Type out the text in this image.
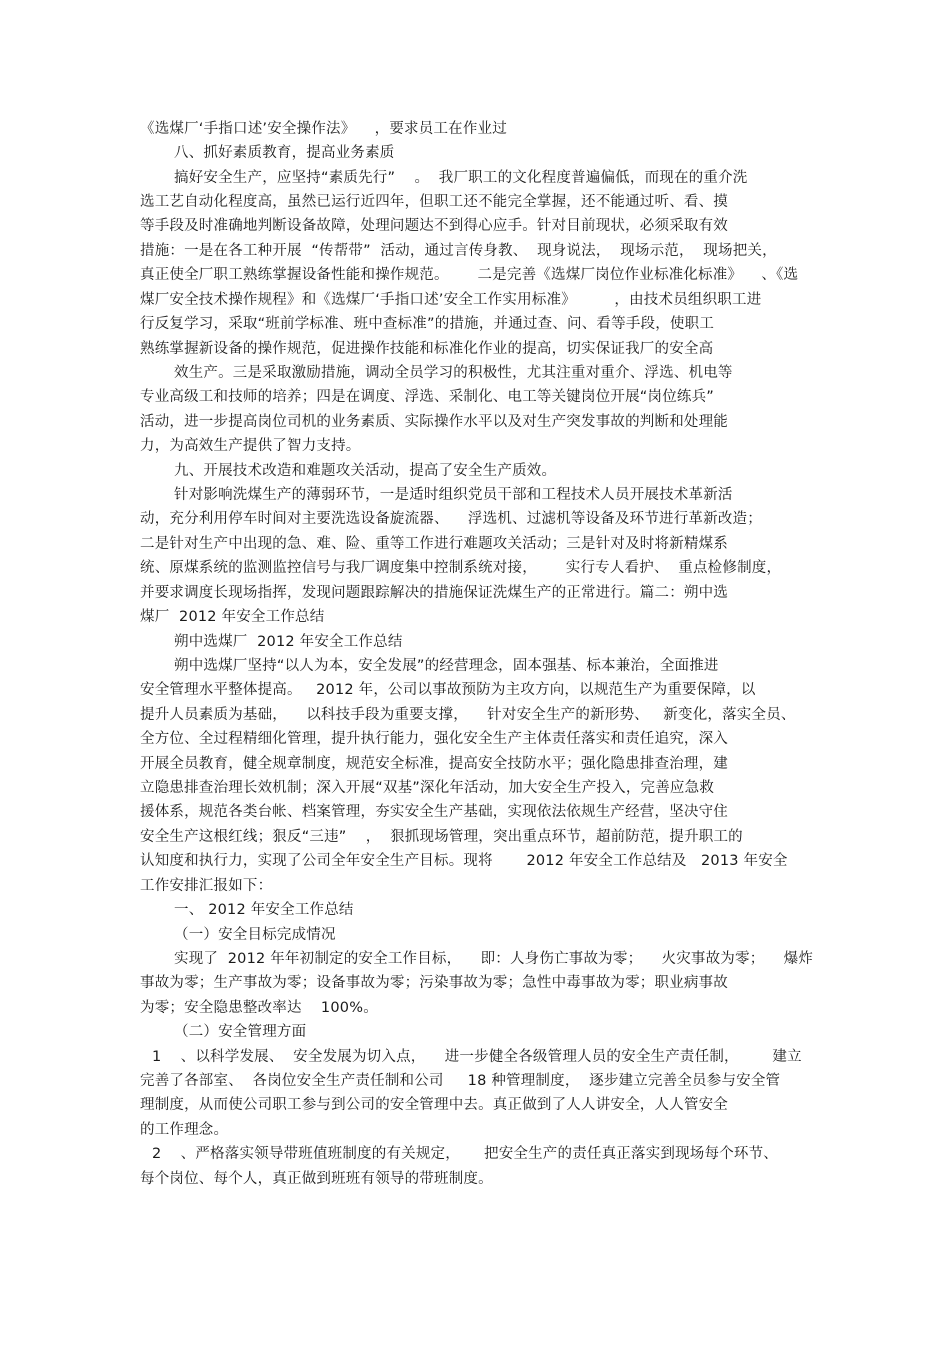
《选煤厂‘手指口述’安全操作法》    ，要求员工在作业过
八、抓好素质教育，提高业务素质
搞好安全生产，应坚持“素质先行”    。  我厂职工的文化程度普遍偏低，而现在的重介洗
选工艺自动化程度高，虽然已运行近四年，但职工还不能完全掌握，还不能通过听、看、摸
等手段及时准确地判断设备故障，处理问题达不到得心应手。针对目前现状，必须采取有效
措施：一是在各工种开展  “传帮带”  活动，通过言传身教、  现身说法，  现场示范，  现场把关，
真正使全厂职工熟练掌握设备性能和操作规范。      二是完善《选煤厂岗位作业标准化标准》    、《选
煤厂安全技术操作规程》和《选煤厂‘手指口述’安全工作实用标准》        ，由技术员组织职工进
行反复学习，采取“班前学标准、班中查标准”的措施，并通过查、问、看等手段，使职工
熟练掌握新设备的操作规范，促进操作技能和标准化作业的提高，切实保证我厂的安全高
效生产。三是采取激励措施，调动全员学习的积极性，尤其注重对重介、浮选、机电等
专业高级工和技师的培养；四是在调度、浮选、采制化、电工等关键岗位开展“岗位练兵”
活动，进一步提高岗位司机的业务素质、实际操作水平以及对生产突发事故的判断和处理能
力，为高效生产提供了智力支持。
九、开展技术改造和难题攻关活动，提高了安全生产质效。
针对影响洗煤生产的薄弱环节，一是适时组织党员干部和工程技术人员开展技术革新活
动，充分利用停车时间对主要洗选设备旋流器、    浮选机、过滤机等设备及环节进行革新改造；
二是针对生产中出现的急、难、险、重等工作进行难题攻关活动；三是针对及时将新精煤系
统、原煤系统的监测监控信号与我厂调度集中控制系统对接，      实行专人看护、  重点检修制度，
并要求调度长现场指挥，发现问题跟踪解决的措施保证洗煤生产的正常进行。篇二：朔中选
煤厂  2012 年安全工作总结
朔中选煤厂  2012 年安全工作总结
朔中选煤厂坚持“以人为本，安全发展”的经营理念，固本强基、标本兼治，全面推进
安全管理水平整体提高。   2012 年，公司以事故预防为主攻方向，以规范生产为重要保障，以
提升人员素质为基础，    以科技手段为重要支撑，    针对安全生产的新形势、   新变化，落实全员、
全方位、全过程精细化管理，提升执行能力，强化安全生产主体责任落实和责任追究，深入
开展全员教育，健全规章制度，规范安全标准，提高安全技防水平；强化隐患排查治理，建
立隐患排查治理长效机制；深入开展“双基”深化年活动，加大安全生产投入，完善应急救
援体系，规范各类台帐、档案管理，夯实安全生产基础，实现依法依规生产经营，坚决守住
安全生产这根红线；狠反“三违”    ，  狠抓现场管理，突出重点环节，超前防范，提升职工的
认知度和执行力，实现了公司全年安全生产目标。现将       2012 年安全工作总结及   2013 年安全
工作安排汇报如下：
一、 2012 年安全工作总结
（一）安全目标完成情况
实现了  2012 年年初制定的安全工作目标，    即：人身伤亡事故为零；    火灾事故为零；    爆炸
事故为零；生产事故为零；设备事故为零；污染事故为零；急性中毒事故为零；职业病事故
为零；安全隐患整改率达    100%。
（二）安全管理方面
1    、以科学发展、  安全发展为切入点，    进一步健全各级管理人员的安全生产责任制，       建立
完善了各部室、  各岗位安全生产责任制和公司     18 种管理制度，  逐步建立完善全员参与安全管
理制度，从而使公司职工参与到公司的安全管理中去。真正做到了人人讲安全，人人管安全
的工作理念。
2    、严格落实领导带班值班制度的有关规定，     把安全生产的责任真正落实到现场每个环节、
每个岗位、每个人，真正做到班班有领导的带班制度。
